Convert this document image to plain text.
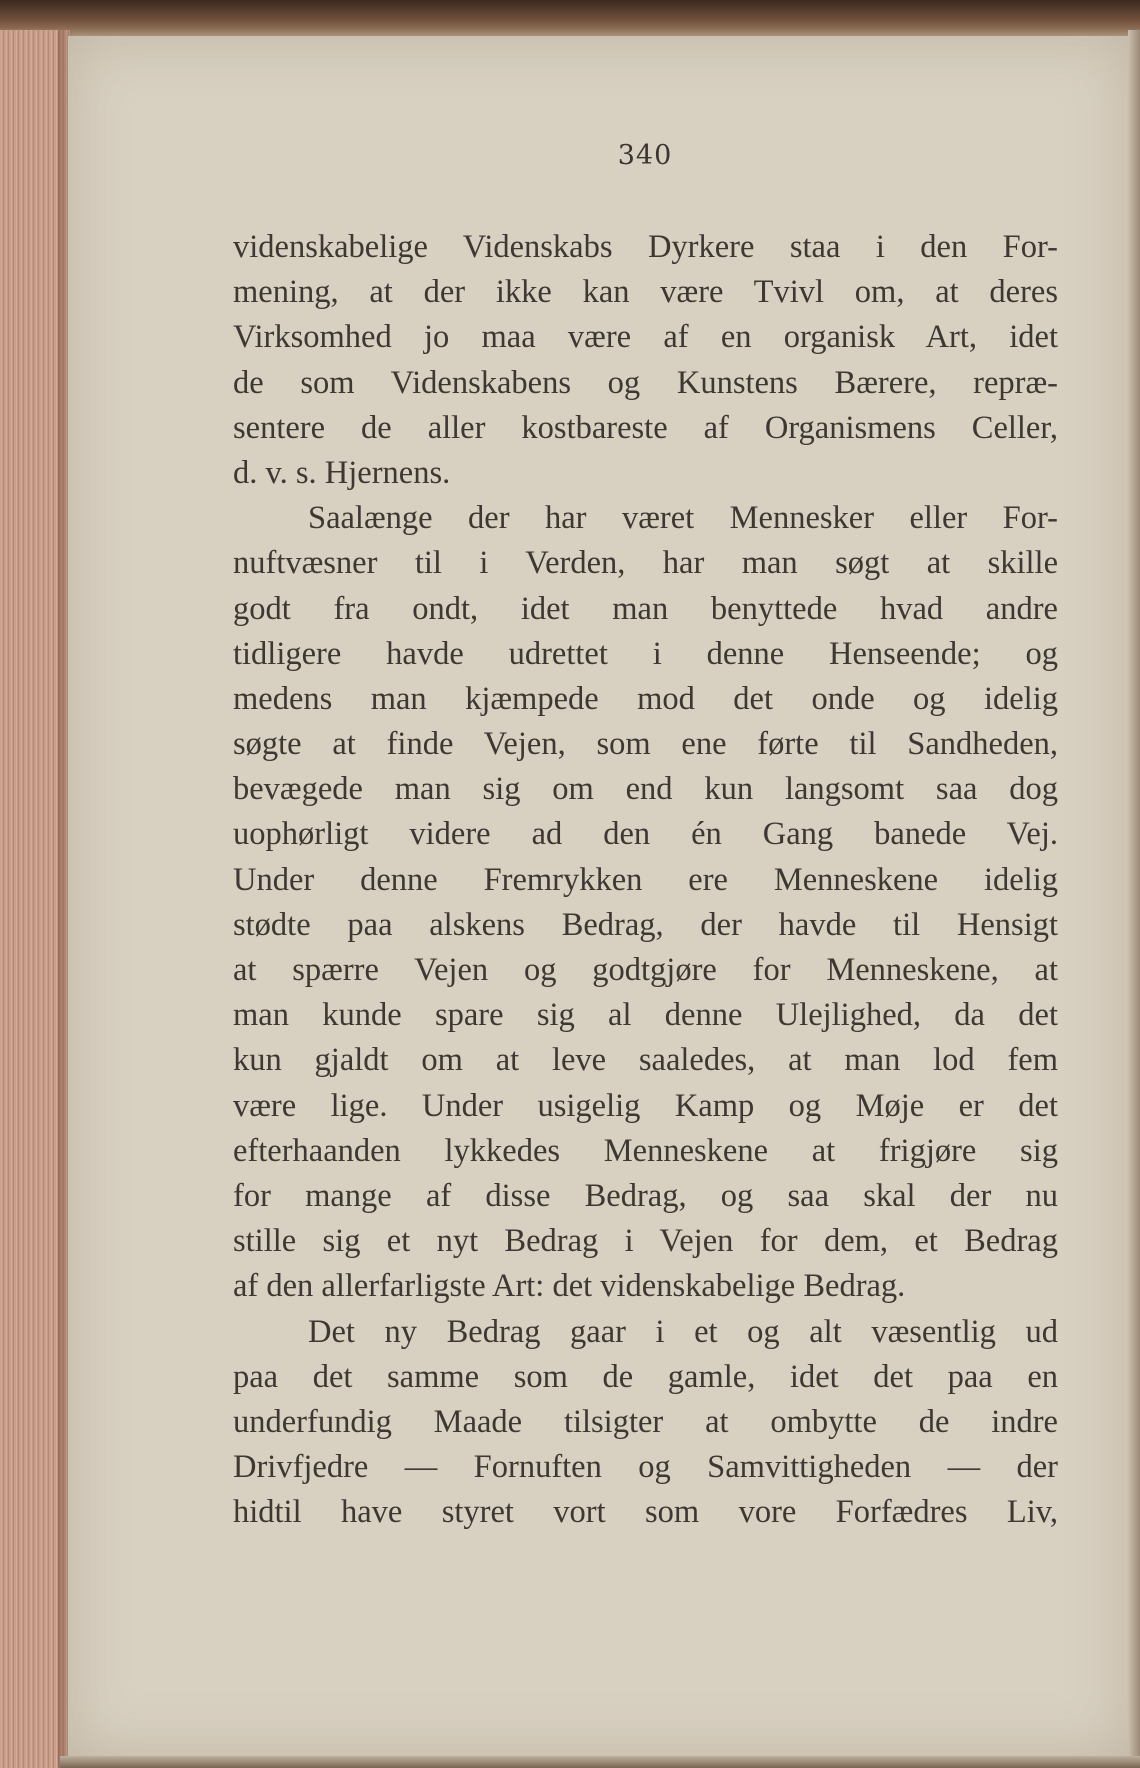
340
videnskabelige Videnskabs Dyrkere staa i den For-
mening, at der ikke kan være Tvivl om, at deres
Virksomhed jo maa være af en organisk Art, idet
de som Videnskabens og Kunstens Bærere, repræ-
sentere de aller kostbareste af Organismens Celler,
d. v. s. Hjernens.
Saalænge der har været Mennesker eller For-
nuftvæsner til i Verden, har man søgt at skille
godt fra ondt, idet man benyttede hvad andre
tidligere havde udrettet i denne Henseende; og
medens man kjæmpede mod det onde og idelig
søgte at finde Vejen, som ene førte til Sandheden,
bevægede man sig om end kun langsomt saa dog
uophørligt videre ad den én Gang banede Vej.
Under denne Fremrykken ere Menneskene idelig
stødte paa alskens Bedrag, der havde til Hensigt
at spærre Vejen og godtgjøre for Menneskene, at
man kunde spare sig al denne Ulejlighed, da det
kun gjaldt om at leve saaledes, at man lod fem
være lige. Under usigelig Kamp og Møje er det
efterhaanden lykkedes Menneskene at frigjøre sig
for mange af disse Bedrag, og saa skal der nu
stille sig et nyt Bedrag i Vejen for dem, et Bedrag
af den allerfarligste Art: det videnskabelige Bedrag.
Det ny Bedrag gaar i et og alt væsentlig ud
paa det samme som de gamle, idet det paa en
underfundig Maade tilsigter at ombytte de indre
Drivfjedre — Fornuften og Samvittigheden — der
hidtil have styret vort som vore Forfædres Liv,
